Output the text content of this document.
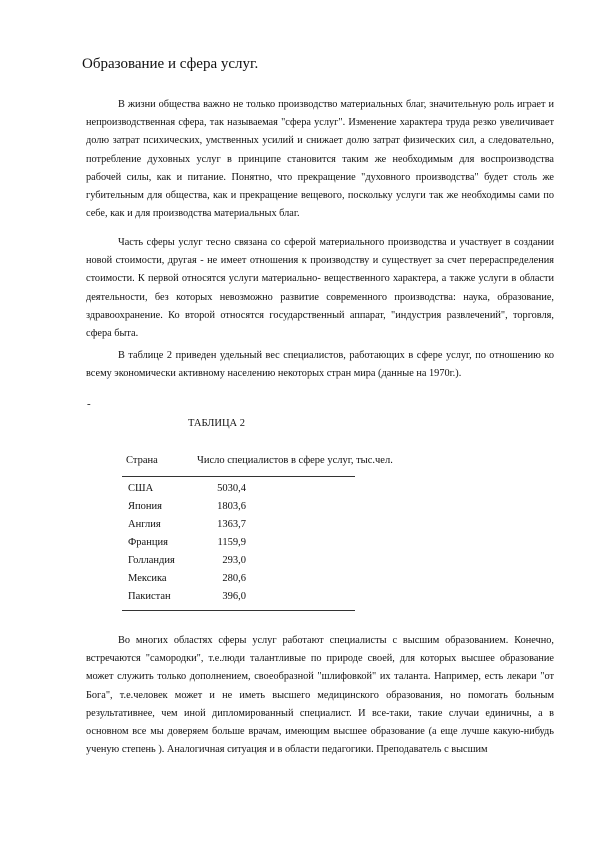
Образование и сфера услуг.

В жизни общества важно не только производство материальных благ, значительную роль играет и непроизводственная сфера, так называемая "сфера услуг". Изменение характера труда резко увеличивает долю затрат психических, умственных усилий и снижает долю затрат физических сил, а следовательно, потребление духовных услуг в принципе становится таким же необходимым для воспроизводства рабочей силы, как и питание. Понятно, что прекращение "духовного производства" будет столь же губительным для общества, как и прекращение вещевого, поскольку услуги так же необходимы сами по себе, как и для производства материальных благ.

Часть сферы услуг тесно связана со сферой материального производства и участвует в создании новой стоимости, другая - не имеет отношения к производству и существует за счет перераспределения стоимости. К первой относятся услуги материально- вещественного характера, а также услуги в области деятельности, без которых невозможно развитие современного производства: наука, образование, здравоохранение. Ко второй относятся государственный аппарат, "индустрия развлечений", торговля, сфера быта.

В таблице 2 приведен удельный вес специалистов, работающих в сфере услуг, по отношению ко всему экономически активному населению некоторых стран мира (данные на 1970г.).

-
ТАБЛИЦА 2
Страна	Число специалистов в сфере услуг, тыс.чел.
США	5030,4
Япония	1803,6
Англия	1363,7
Франция	1159,9
Голландия	293,0
Мексика	280,6
Пакистан	396,0

Во многих областях сферы услуг работают специалисты с высшим образованием. Конечно, встречаются "самородки", т.е.люди талантливые по природе своей, для которых высшее образование может служить только дополнением, своеобразной "шлифовкой" их таланта. Например, есть лекари "от Бога", т.е.человек может и не иметь высшего медицинского образования, но помогать больным результативнее, чем иной дипломированный специалист. И все-таки, такие случаи единичны, а в основном все мы доверяем больше врачам, имеющим высшее образование (а еще лучше какую-нибудь ученую степень ). Аналогичная ситуация и в области педагогики. Преподаватель с высшим
